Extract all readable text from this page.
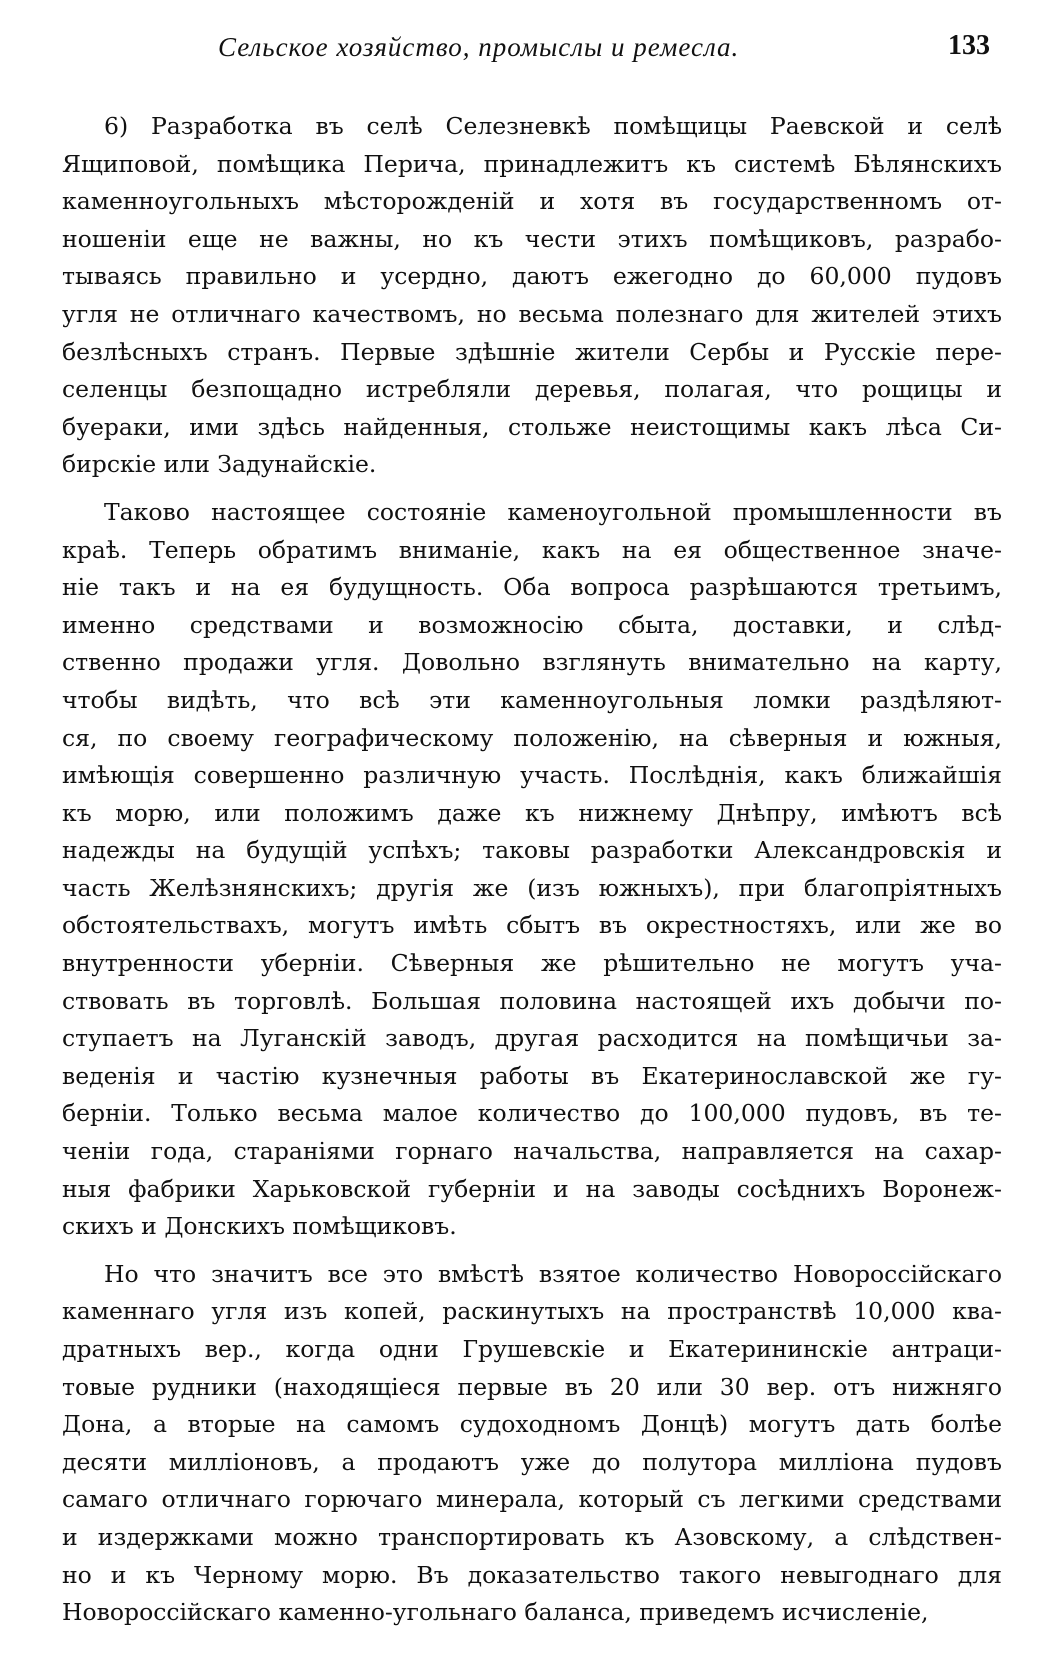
Сельское хозяйство, промыслы и ремесла.	133
6) Разработка въ селѣ Селезневкѣ помѣщицы Раевской и селѣ
Ящиповой, помѣщика Перича, принадлежитъ къ системѣ Бѣлянскихъ
каменноугольныхъ мѣсторожденій и хотя въ государственномъ от-
ношеніи еще не важны, но къ чести этихъ помѣщиковъ, разрабо-
тываясь правильно и усердно, даютъ ежегодно до 60,000 пудовъ
угля не отличнаго качествомъ, но весьма полезнаго для жителей этихъ
безлѣсныхъ странъ. Первые здѣшніе жители Сербы и Русскіе пере-
селенцы безпощадно истребляли деревья, полагая, что рощицы и
буераки, ими здѣсь найденныя, стольже неистощимы какъ лѣса Си-
бирскіе или Задунайскіе.
Таково настоящее состояніе каменоугольной промышленности въ
краѣ. Теперь обратимъ вниманіе, какъ на ея общественное значе-
ніе такъ и на ея будущность. Оба вопроса разрѣшаются третьимъ,
именно средствами и возможносію сбыта, доставки, и слѣд-
ственно продажи угля. Довольно взглянуть внимательно на карту,
чтобы видѣть, что всѣ эти каменноугольныя ломки раздѣляют-
ся, по своему географическому положенію, на сѣверныя и южныя,
имѣющія совершенно различную участь. Послѣднія, какъ ближайшія
къ морю, или положимъ даже къ нижнему Днѣпру, имѣютъ всѣ
надежды на будущій успѣхъ; таковы разработки Александровскія и
часть Желѣзнянскихъ; другія же (изъ южныхъ), при благопріятныхъ
обстоятельствахъ, могутъ имѣть сбытъ въ окрестностяхъ, или же во
внутренности уберніи. Сѣверныя же рѣшительно не могутъ уча-
ствовать въ торговлѣ. Большая половина настоящей ихъ добычи по-
ступаетъ на Луганскій заводъ, другая расходится на помѣщичьи за-
веденія и частію кузнечныя работы въ Екатеринославской же гу-
берніи. Только весьма малое количество до 100,000 пудовъ, въ те-
ченіи года, стараніями горнаго начальства, направляется на сахар-
ныя фабрики Харьковской губерніи и на заводы сосѣднихъ Воронеж-
скихъ и Донскихъ помѣщиковъ.
Но что значитъ все это вмѣстѣ взятое количество Новороссійскаго
каменнаго угля изъ копей, раскинутыхъ на пространствѣ 10,000 ква-
дратныхъ вер., когда одни Грушевскіе и Екатерининскіе антраци-
товые рудники (находящіеся первые въ 20 или 30 вер. отъ нижняго
Дона, а вторые на самомъ судоходномъ Донцѣ) могутъ дать болѣе
десяти милліоновъ, а продаютъ уже до полутора милліона пудовъ
самаго отличнаго горючаго минерала, который съ легкими средствами
и издержками можно транспортировать къ Азовскому, а слѣдствен-
но и къ Черному морю. Въ доказательство такого невыгоднаго для
Новороссійскаго каменно-угольнаго баланса, приведемъ исчисленіе,
